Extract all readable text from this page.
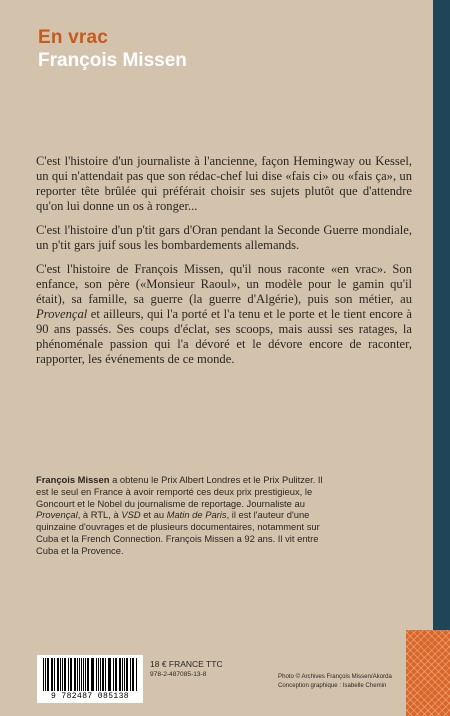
En vrac
François Missen

C'est l'histoire d'un journaliste à l'ancienne, façon Hemingway ou Kessel, un qui n'attendait pas que son rédac-chef lui dise «fais ci» ou «fais ça», un reporter tête brûlée qui préférait choisir ses sujets plutôt que d'attendre qu'on lui donne un os à ronger...

C'est l'histoire d'un p'tit gars d'Oran pendant la Seconde Guerre mondiale, un p'tit gars juif sous les bombardements allemands.

C'est l'histoire de François Missen, qu'il nous raconte «en vrac». Son enfance, son père («Monsieur Raoul», un modèle pour le gamin qu'il était), sa famille, sa guerre (la guerre d'Algérie), puis son métier, au Provençal et ailleurs, qui l'a porté et l'a tenu et le porte et le tient encore à 90 ans passés. Ses coups d'éclat, ses scoops, mais aussi ses ratages, la phénoménale passion qui l'a dévoré et le dévore encore de raconter, rapporter, les événements de ce monde.

François Missen a obtenu le Prix Albert Londres et le Prix Pulitzer. Il est le seul en France à avoir remporté ces deux prix prestigieux, le Goncourt et le Nobel du journalisme de reportage. Journaliste au Provençal, à RTL, à VSD et au Matin de Paris, il est l'auteur d'une quinzaine d'ouvrages et de plusieurs documentaires, notamment sur Cuba et la French Connection. François Missen a 92 ans. Il vit entre Cuba et la Provence.
9 782487 085138
18 € FRANCE TTC
978-2-487085-13-8	Photo © Archives François Missen/Akorda
Conception graphique : Isabelle Chemin
